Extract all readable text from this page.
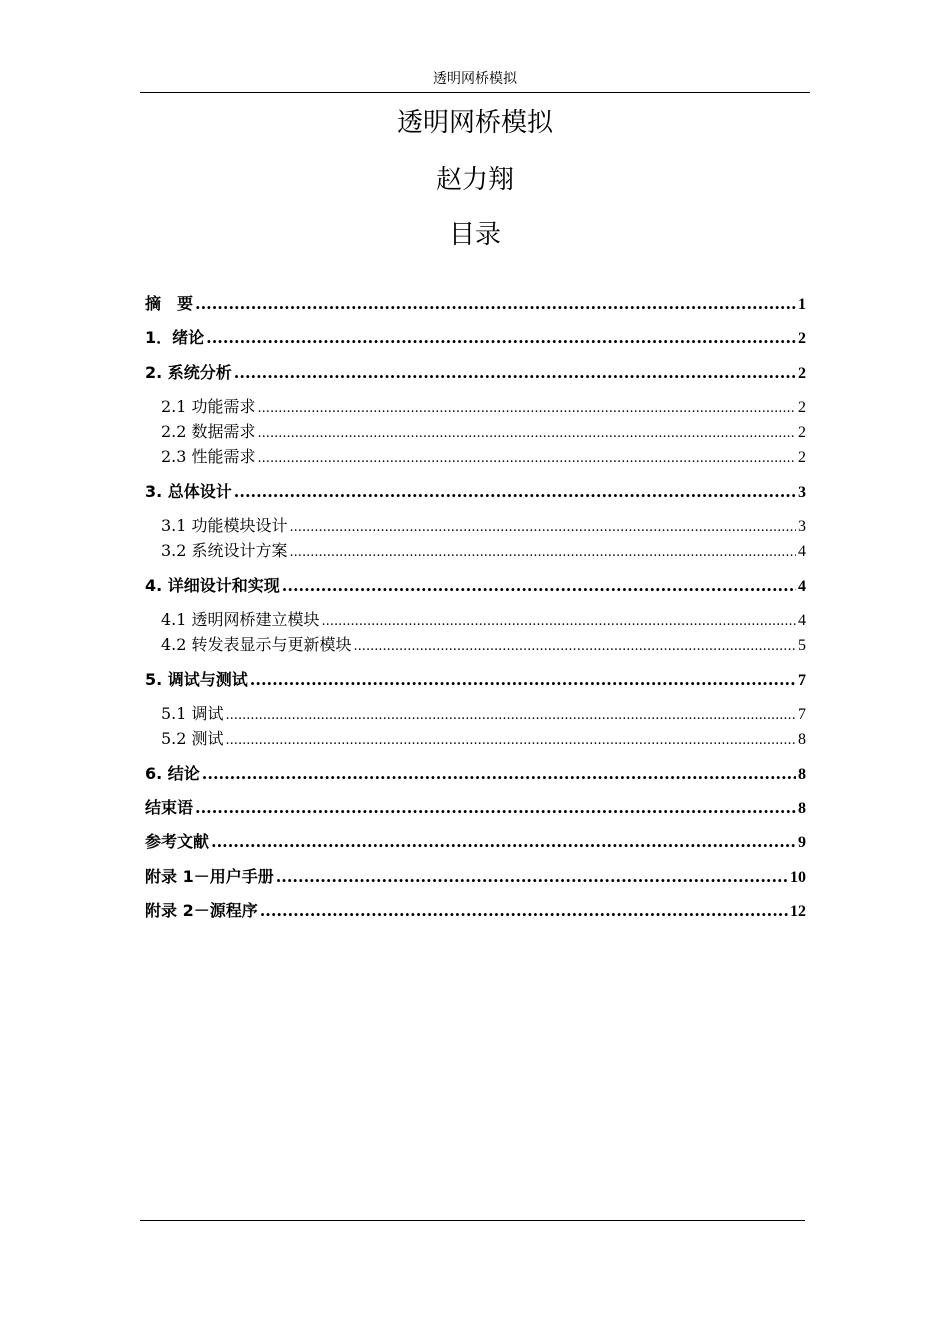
透明网桥模拟
透明网桥模拟
赵力翔
目录
摘　要 .....	1
1．绪论 .....	2
2. 系统分析 .....	2
2.1 功能需求 .....	2
2.2 数据需求 .....	2
2.3 性能需求 .....	2
3. 总体设计 .....	3
3.1 功能模块设计 .....	3
3.2 系统设计方案 .....	4
4. 详细设计和实现 .....	4
4.1 透明网桥建立模块 .....	4
4.2 转发表显示与更新模块 .....	5
5. 调试与测试 .....	7
5.1 调试 .....	7
5.2 测试 .....	8
6. 结论 .....	8
结束语 .....	8
参考文献 .....	9
附录 1－用户手册 .....	10
附录 2－源程序 .....	12
